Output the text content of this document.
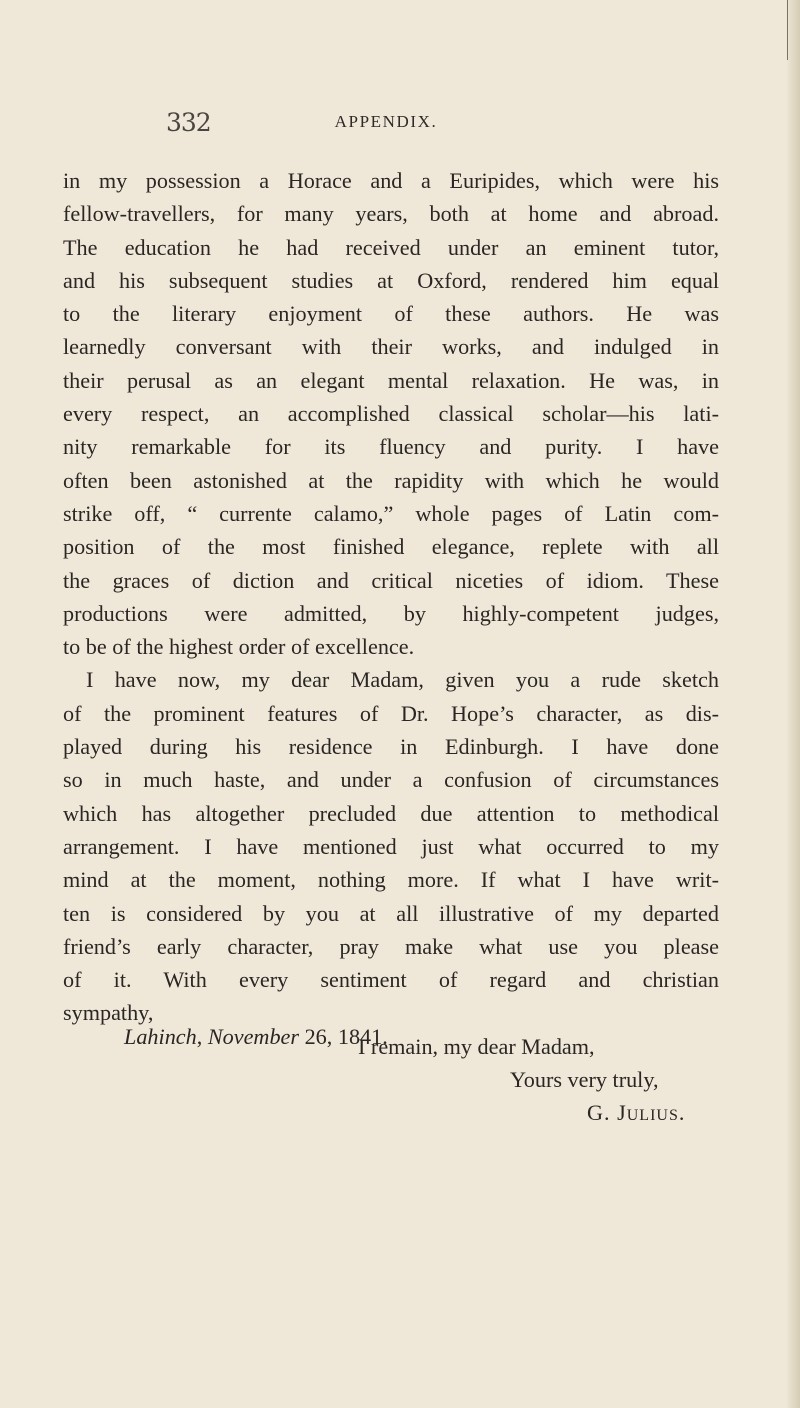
332	APPENDIX.
in my possession a Horace and a Euripides, which were his
fellow-travellers, for many years, both at home and abroad.
The education he had received under an eminent tutor,
and his subsequent studies at Oxford, rendered him equal
to the literary enjoyment of these authors. He was
learnedly conversant with their works, and indulged in
their perusal as an elegant mental relaxation. He was, in
every respect, an accomplished classical scholar—his lati-
nity remarkable for its fluency and purity. I have
often been astonished at the rapidity with which he would
strike off, “ currente calamo,” whole pages of Latin com-
position of the most finished elegance, replete with all
the graces of diction and critical niceties of idiom. These
productions were admitted, by highly-competent judges,
to be of the highest order of excellence.
I have now, my dear Madam, given you a rude sketch
of the prominent features of Dr. Hope’s character, as dis-
played during his residence in Edinburgh. I have done
so in much haste, and under a confusion of circumstances
which has altogether precluded due attention to methodical
arrangement. I have mentioned just what occurred to my
mind at the moment, nothing more. If what I have writ-
ten is considered by you at all illustrative of my departed
friend’s early character, pray make what use you please
of it. With every sentiment of regard and christian
sympathy,
I remain, my dear Madam,
Yours very truly,
G. Julius.
Lahinch, November 26, 1841.
